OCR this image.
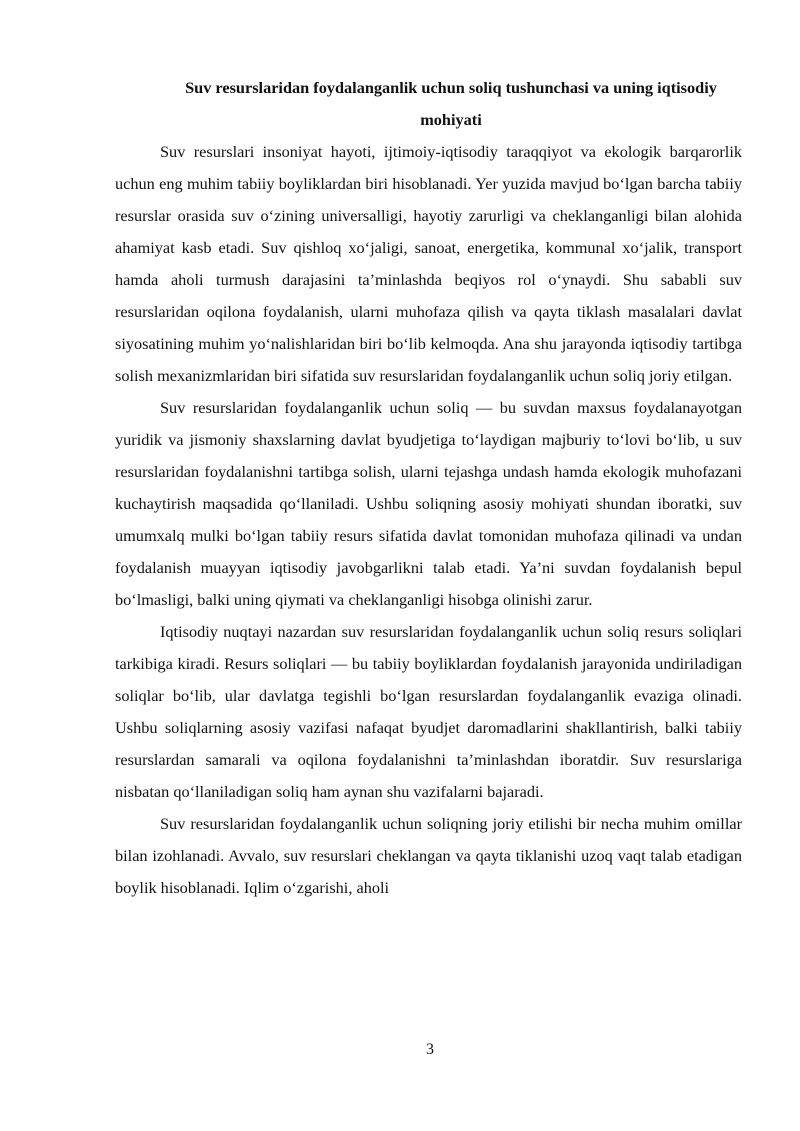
Suv resurslaridan foydalanganlik uchun soliq tushunchasi va uning iqtisodiy mohiyati

Suv resurslari insoniyat hayoti, ijtimoiy-iqtisodiy taraqqiyot va ekologik barqarorlik uchun eng muhim tabiiy boyliklardan biri hisoblanadi. Yer yuzida mavjud bo‘lgan barcha tabiiy resurslar orasida suv o‘zining universalligi, hayotiy zarurligi va cheklanganligi bilan alohida ahamiyat kasb etadi. Suv qishloq xo‘jaligi, sanoat, energetika, kommunal xo‘jalik, transport hamda aholi turmush darajasini ta’minlashda beqiyos rol o‘ynaydi. Shu sababli suv resurslaridan oqilona foydalanish, ularni muhofaza qilish va qayta tiklash masalalari davlat siyosatining muhim yo‘nalishlaridan biri bo‘lib kelmoqda. Ana shu jarayonda iqtisodiy tartibga solish mexanizmlaridan biri sifatida suv resurslaridan foydalanganlik uchun soliq joriy etilgan.

Suv resurslaridan foydalanganlik uchun soliq — bu suvdan maxsus foydalanayotgan yuridik va jismoniy shaxslarning davlat byudjetiga to‘laydigan majburiy to‘lovi bo‘lib, u suv resurslaridan foydalanishni tartibga solish, ularni tejashga undash hamda ekologik muhofazani kuchaytirish maqsadida qo‘llaniladi. Ushbu soliqning asosiy mohiyati shundan iboratki, suv umumxalq mulki bo‘lgan tabiiy resurs sifatida davlat tomonidan muhofaza qilinadi va undan foydalanish muayyan iqtisodiy javobgarlikni talab etadi. Ya’ni suvdan foydalanish bepul bo‘lmasligi, balki uning qiymati va cheklanganligi hisobga olinishi zarur.

Iqtisodiy nuqtayi nazardan suv resurslaridan foydalanganlik uchun soliq resurs soliqlari tarkibiga kiradi. Resurs soliqlari — bu tabiiy boyliklardan foydalanish jarayonida undiriladigan soliqlar bo‘lib, ular davlatga tegishli bo‘lgan resurslardan foydalanganlik evaziga olinadi. Ushbu soliqlarning asosiy vazifasi nafaqat byudjet daromadlarini shakllantirish, balki tabiiy resurslardan samarali va oqilona foydalanishni ta’minlashdan iboratdir. Suv resurslariga nisbatan qo‘llaniladigan soliq ham aynan shu vazifalarni bajaradi.

Suv resurslaridan foydalanganlik uchun soliqning joriy etilishi bir necha muhim omillar bilan izohlanadi. Avvalo, suv resurslari cheklangan va qayta tiklanishi uzoq vaqt talab etadigan boylik hisoblanadi. Iqlim o‘zgarishi, aholi

3
